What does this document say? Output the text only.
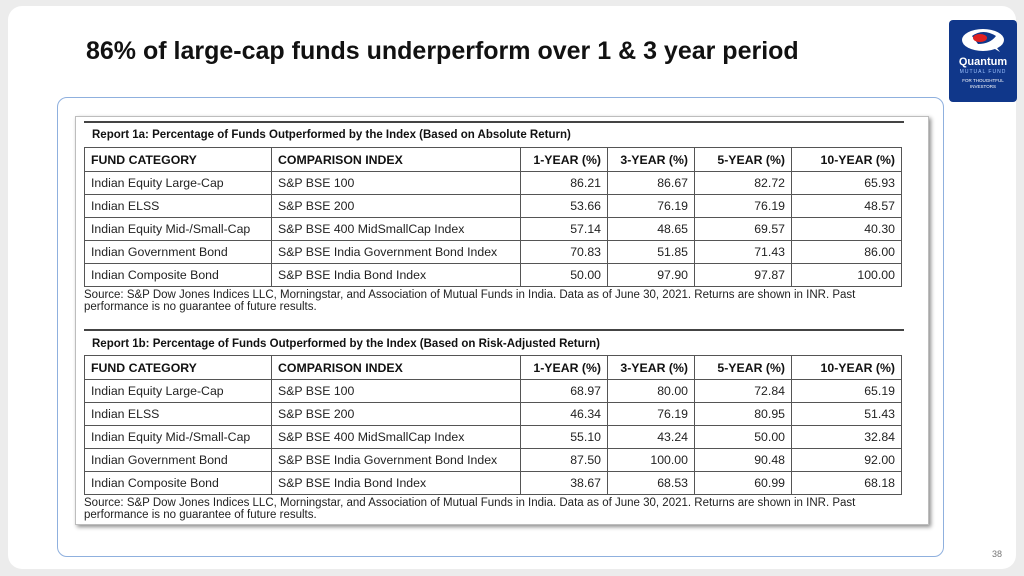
86% of large-cap funds underperform over 1 & 3 year period	Quantum
MUTUAL FUND
FOR THOUGHTFUL INVESTORS
38
Report 1a: Percentage of Funds Outperformed by the Index (Based on Absolute Return)
FUND CATEGORY	COMPARISON INDEX	1-YEAR (%)	3-YEAR (%)	5-YEAR (%)	10-YEAR (%)
Indian Equity Large-Cap	S&P BSE 100	86.21	86.67	82.72	65.93
Indian ELSS	S&P BSE 200	53.66	76.19	76.19	48.57
Indian Equity Mid-/Small-Cap	S&P BSE 400 MidSmallCap Index	57.14	48.65	69.57	40.30
Indian Government Bond	S&P BSE India Government Bond Index	70.83	51.85	71.43	86.00
Indian Composite Bond	S&P BSE India Bond Index	50.00	97.90	97.87	100.00
Source: S&P Dow Jones Indices LLC, Morningstar, and Association of Mutual Funds in India. Data as of June 30, 2021. Returns are shown in INR. Past performance is no guarantee of future results.
Report 1b: Percentage of Funds Outperformed by the Index (Based on Risk-Adjusted Return)
FUND CATEGORY	COMPARISON INDEX	1-YEAR (%)	3-YEAR (%)	5-YEAR (%)	10-YEAR (%)
Indian Equity Large-Cap	S&P BSE 100	68.97	80.00	72.84	65.19
Indian ELSS	S&P BSE 200	46.34	76.19	80.95	51.43
Indian Equity Mid-/Small-Cap	S&P BSE 400 MidSmallCap Index	55.10	43.24	50.00	32.84
Indian Government Bond	S&P BSE India Government Bond Index	87.50	100.00	90.48	92.00
Indian Composite Bond	S&P BSE India Bond Index	38.67	68.53	60.99	68.18
Source: S&P Dow Jones Indices LLC, Morningstar, and Association of Mutual Funds in India. Data as of June 30, 2021. Returns are shown in INR. Past performance is no guarantee of future results.
